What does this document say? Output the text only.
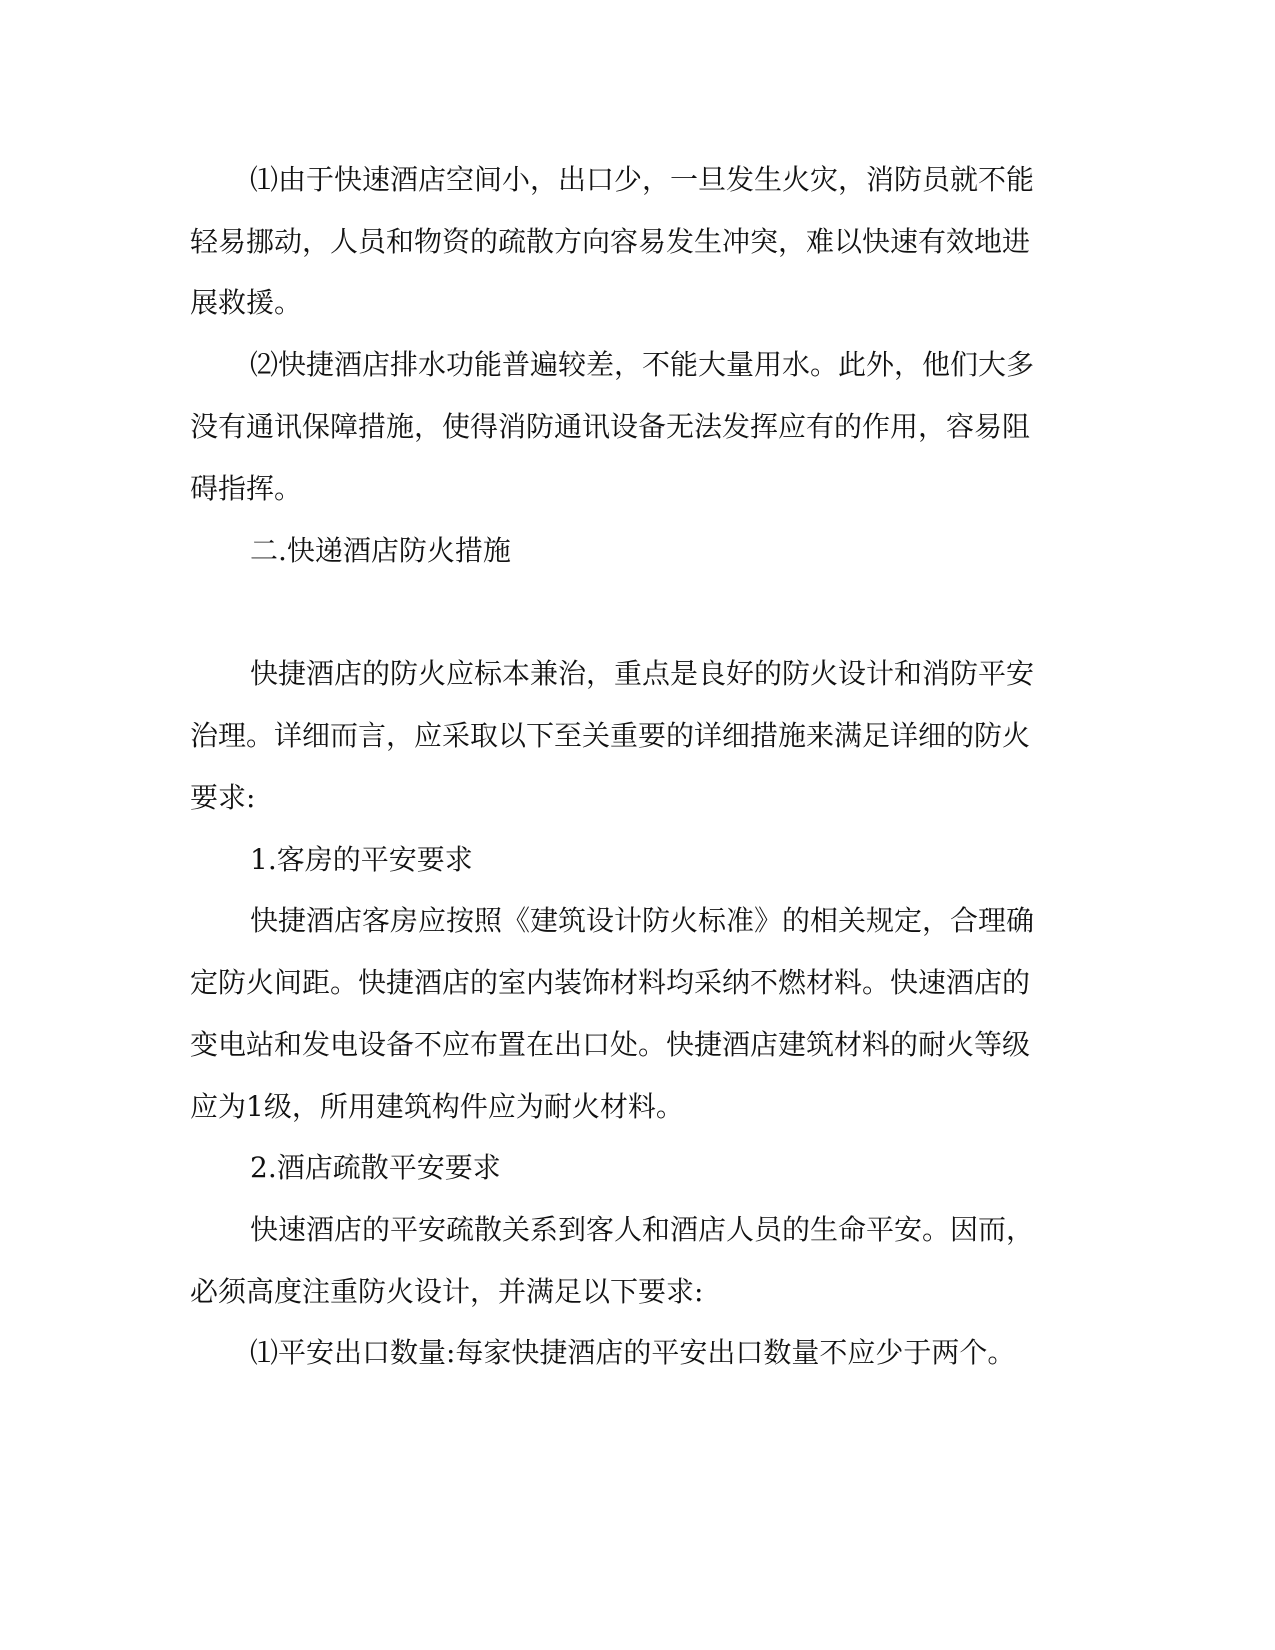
⑴由于快速酒店空间小，出口少，一旦发生火灾，消防员就不能

轻易挪动，人员和物资的疏散方向容易发生冲突，难以快速有效地进

展救援。

⑵快捷酒店排水功能普遍较差，不能大量用水。此外，他们大多

没有通讯保障措施，使得消防通讯设备无法发挥应有的作用，容易阻

碍指挥。

二.快递酒店防火措施

快捷酒店的防火应标本兼治，重点是良好的防火设计和消防平安

治理。详细而言，应采取以下至关重要的详细措施来满足详细的防火

要求:

1.客房的平安要求

快捷酒店客房应按照《建筑设计防火标准》的相关规定，合理确

定防火间距。快捷酒店的室内装饰材料均采纳不燃材料。快速酒店的

变电站和发电设备不应布置在出口处。快捷酒店建筑材料的耐火等级

应为1级，所用建筑构件应为耐火材料。

2.酒店疏散平安要求

快速酒店的平安疏散关系到客人和酒店人员的生命平安。因而，

必须高度注重防火设计，并满足以下要求:

⑴平安出口数量:每家快捷酒店的平安出口数量不应少于两个。
